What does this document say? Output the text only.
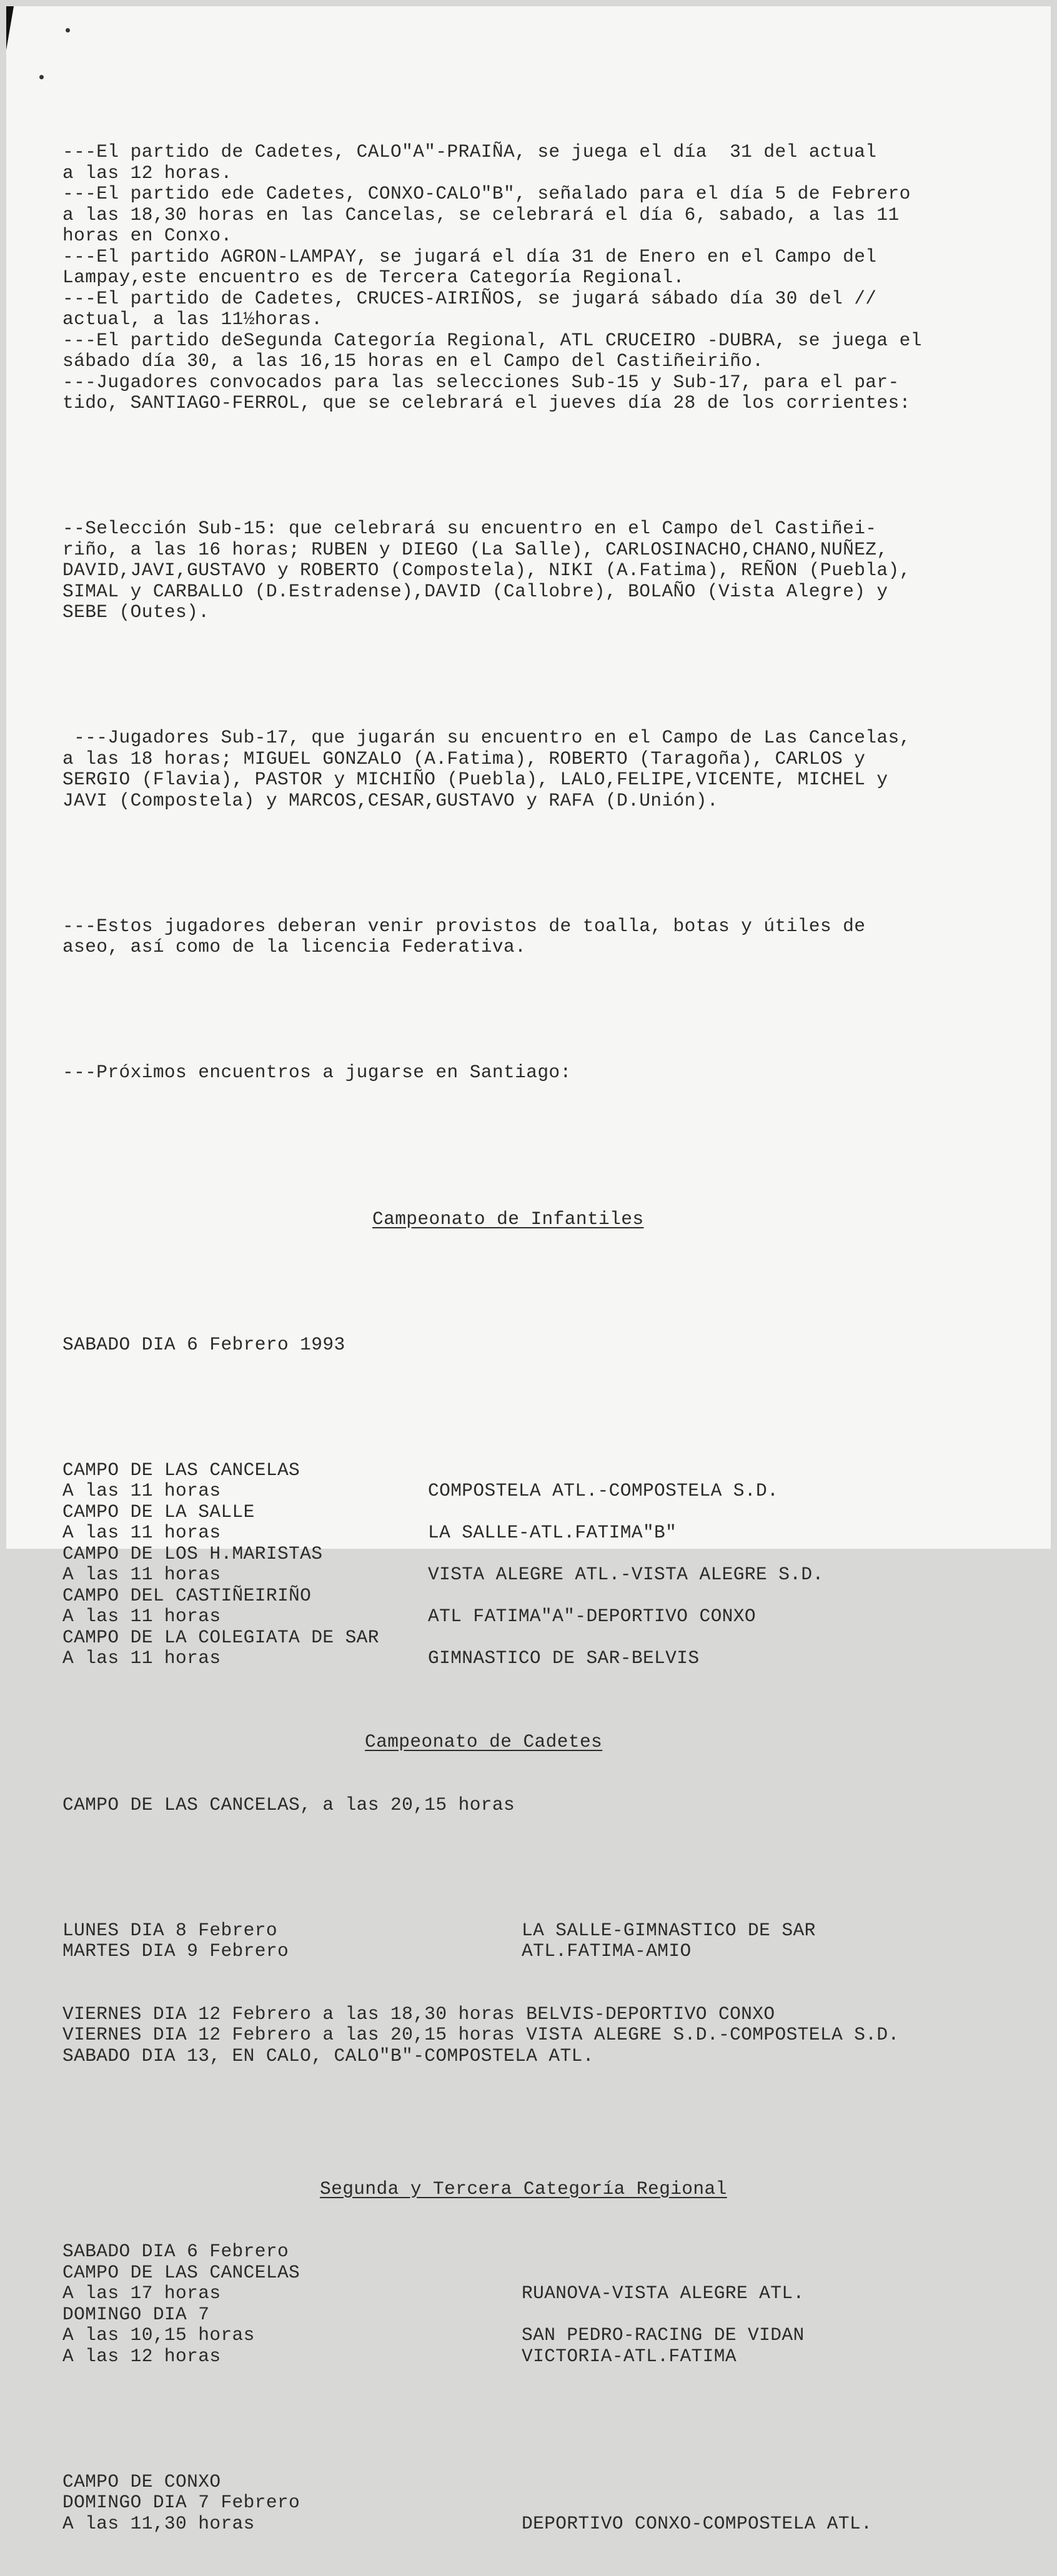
---El partido de Cadetes, CALO"A"-PRAIÑA, se juega el día  31 del actual
a las 12 horas.
---El partido ede Cadetes, CONXO-CALO"B", señalado para el día 5 de Febrero
a las 18,30 horas en las Cancelas, se celebrará el día 6, sabado, a las 11
horas en Conxo.
---El partido AGRON-LAMPAY, se jugará el día 31 de Enero en el Campo del
Lampay,este encuentro es de Tercera Categoría Regional.
---El partido de Cadetes, CRUCES-AIRIÑOS, se jugará sábado día 30 del //
actual, a las 11½horas.
---El partido deSegunda Categoría Regional, ATL CRUCEIRO -DUBRA, se juega el
sábado día 30, a las 16,15 horas en el Campo del Castiñeiriño.
---Jugadores convocados para las selecciones Sub-15 y Sub-17, para el par-
tido, SANTIAGO-FERROL, que se celebrará el jueves día 28 de los corrientes:

--Selección Sub-15: que celebrará su encuentro en el Campo del Castiñei-
riño, a las 16 horas; RUBEN y DIEGO (La Salle), CARLOSINACHO,CHANO,NUÑEZ,
DAVID,JAVI,GUSTAVO y ROBERTO (Compostela), NIKI (A.Fatima), REÑON (Puebla),
SIMAL y CARBALLO (D.Estradense),DAVID (Callobre), BOLAÑO (Vista Alegre) y
SEBE (Outes).

---Jugadores Sub-17, que jugarán su encuentro en el Campo de Las Cancelas,
a las 18 horas; MIGUEL GONZALO (A.Fatima), ROBERTO (Taragoña), CARLOS y
SERGIO (Flavia), PASTOR y MICHIÑO (Puebla), LALO,FELIPE,VICENTE, MICHEL y
JAVI (Compostela) y MARCOS,CESAR,GUSTAVO y RAFA (D.Unión).

---Estos jugadores deberan venir provistos de toalla, botas y útiles de
aseo, así como de la licencia Federativa.

---Próximos encuentros a jugarse en Santiago:

Campeonato de Infantiles

SABADO DIA 6 Febrero 1993

CAMPO DE LAS CANCELAS
A las 11 horas	COMPOSTELA ATL.-COMPOSTELA S.D.
CAMPO DE LA SALLE
A las 11 horas	LA SALLE-ATL.FATIMA"B"
CAMPO DE LOS H.MARISTAS
A las 11 horas	VISTA ALEGRE ATL.-VISTA ALEGRE S.D.
CAMPO DEL CASTIÑEIRIÑO
A las 11 horas	ATL FATIMA"A"-DEPORTIVO CONXO
CAMPO DE LA COLEGIATA DE SAR
A las 11 horas	GIMNASTICO DE SAR-BELVIS

Campeonato de Cadetes

CAMPO DE LAS CANCELAS, a las 20,15 horas

LUNES DIA 8 Febrero	LA SALLE-GIMNASTICO DE SAR
MARTES DIA 9 Febrero	ATL.FATIMA-AMIO

VIERNES DIA 12 Febrero a las 18,30 horas BELVIS-DEPORTIVO CONXO
VIERNES DIA 12 Febrero a las 20,15 horas VISTA ALEGRE S.D.-COMPOSTELA S.D.
SABADO DIA 13, EN CALO, CALO"B"-COMPOSTELA ATL.

Segunda y Tercera Categoría Regional

SABADO DIA 6 Febrero
CAMPO DE LAS CANCELAS
A las 17 horas	RUANOVA-VISTA ALEGRE ATL.
DOMINGO DIA 7
A las 10,15 horas	SAN PEDRO-RACING DE VIDAN
A las 12 horas	VICTORIA-ATL.FATIMA

CAMPO DE CONXO
DOMINGO DIA 7 Febrero
A las 11,30 horas	DEPORTIVO CONXO-COMPOSTELA ATL.
